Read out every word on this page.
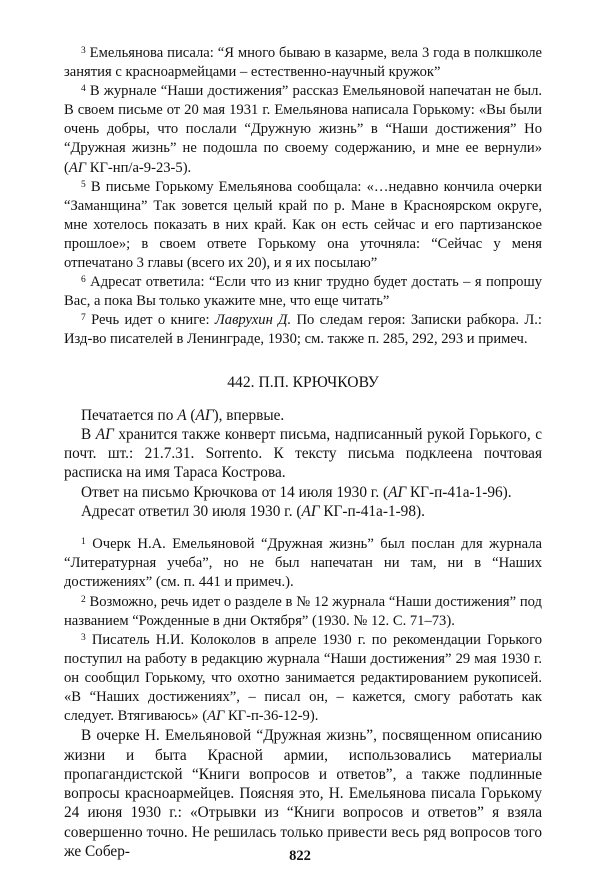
$^3$ Емельянова писала: “Я много бываю в казарме, вела 3 года в полкшколе занятия с красноармейцами – естественно-научный кружок”

$^4$ В журнале “Наши достижения” рассказ Емельяновой напечатан не был. В своем письме от 20 мая 1931 г. Емельянова написала Горькому: «Вы были очень добры, что послали “Дружную жизнь” в “Наши достижения” Но “Дружная жизнь” не подошла по своему содержанию, и мне ее вернули» (АГ КГ-нп/а-9-23-5).

$^5$ В письме Горькому Емельянова сообщала: «…недавно кончила очерки “Заманщина” Так зовется целый край по р. Мане в Красноярском округе, мне хотелось показать в них край. Как он есть сейчас и его партизанское прошлое»; в своем ответе Горькому она уточняла: “Сейчас у меня отпечатано 3 главы (всего их 20), и я их посылаю”

$^6$ Адресат ответила: “Если что из книг трудно будет достать – я попрошу Вас, а пока Вы только укажите мне, что еще читать”

$^7$ Речь идет о книге: Лаврухин Д. По следам героя: Записки рабкора. Л.: Изд-во писателей в Ленинграде, 1930; см. также п. 285, 292, 293 и примеч.

442. П.П. КРЮЧКОВУ

Печатается по А (АГ), впервые.

В АГ хранится также конверт письма, надписанный рукой Горького, с почт. шт.: 21.7.31. Sorrento. К тексту письма подклеена почтовая расписка на имя Тараса Кострова.

Ответ на письмо Крючкова от 14 июля 1930 г. (АГ КГ-п-41а-1-96).

Адресат ответил 30 июля 1930 г. (АГ КГ-п-41а-1-98).

$^1$ Очерк Н.А. Емельяновой “Дружная жизнь” был послан для журнала “Литературная учеба”, но не был напечатан ни там, ни в “Наших достижениях” (см. п. 441 и примеч.).

$^2$ Возможно, речь идет о разделе в № 12 журнала “Наши достижения” под названием “Рожденные в дни Октября” (1930. № 12. С. 71–73).

$^3$ Писатель Н.И. Колоколов в апреле 1930 г. по рекомендации Горького поступил на работу в редакцию журнала “Наши достижения” 29 мая 1930 г. он сообщил Горькому, что охотно занимается редактированием рукописей. «В “Наших достижениях”, – писал он, – кажется, смогу работать как следует. Втягиваюсь» (АГ КГ-п-36-12-9).

В очерке Н. Емельяновой “Дружная жизнь”, посвященном описанию жизни и быта Красной армии, использовались материалы пропагандистской “Книги вопросов и ответов”, а также подлинные вопросы красноармейцев. Поясняя это, Н. Емельянова писала Горькому 24 июня 1930 г.: «Отрывки из “Книги вопросов и ответов” я взяла совершенно точно. Не решилась только привести весь ряд вопросов того же Собер-	822
